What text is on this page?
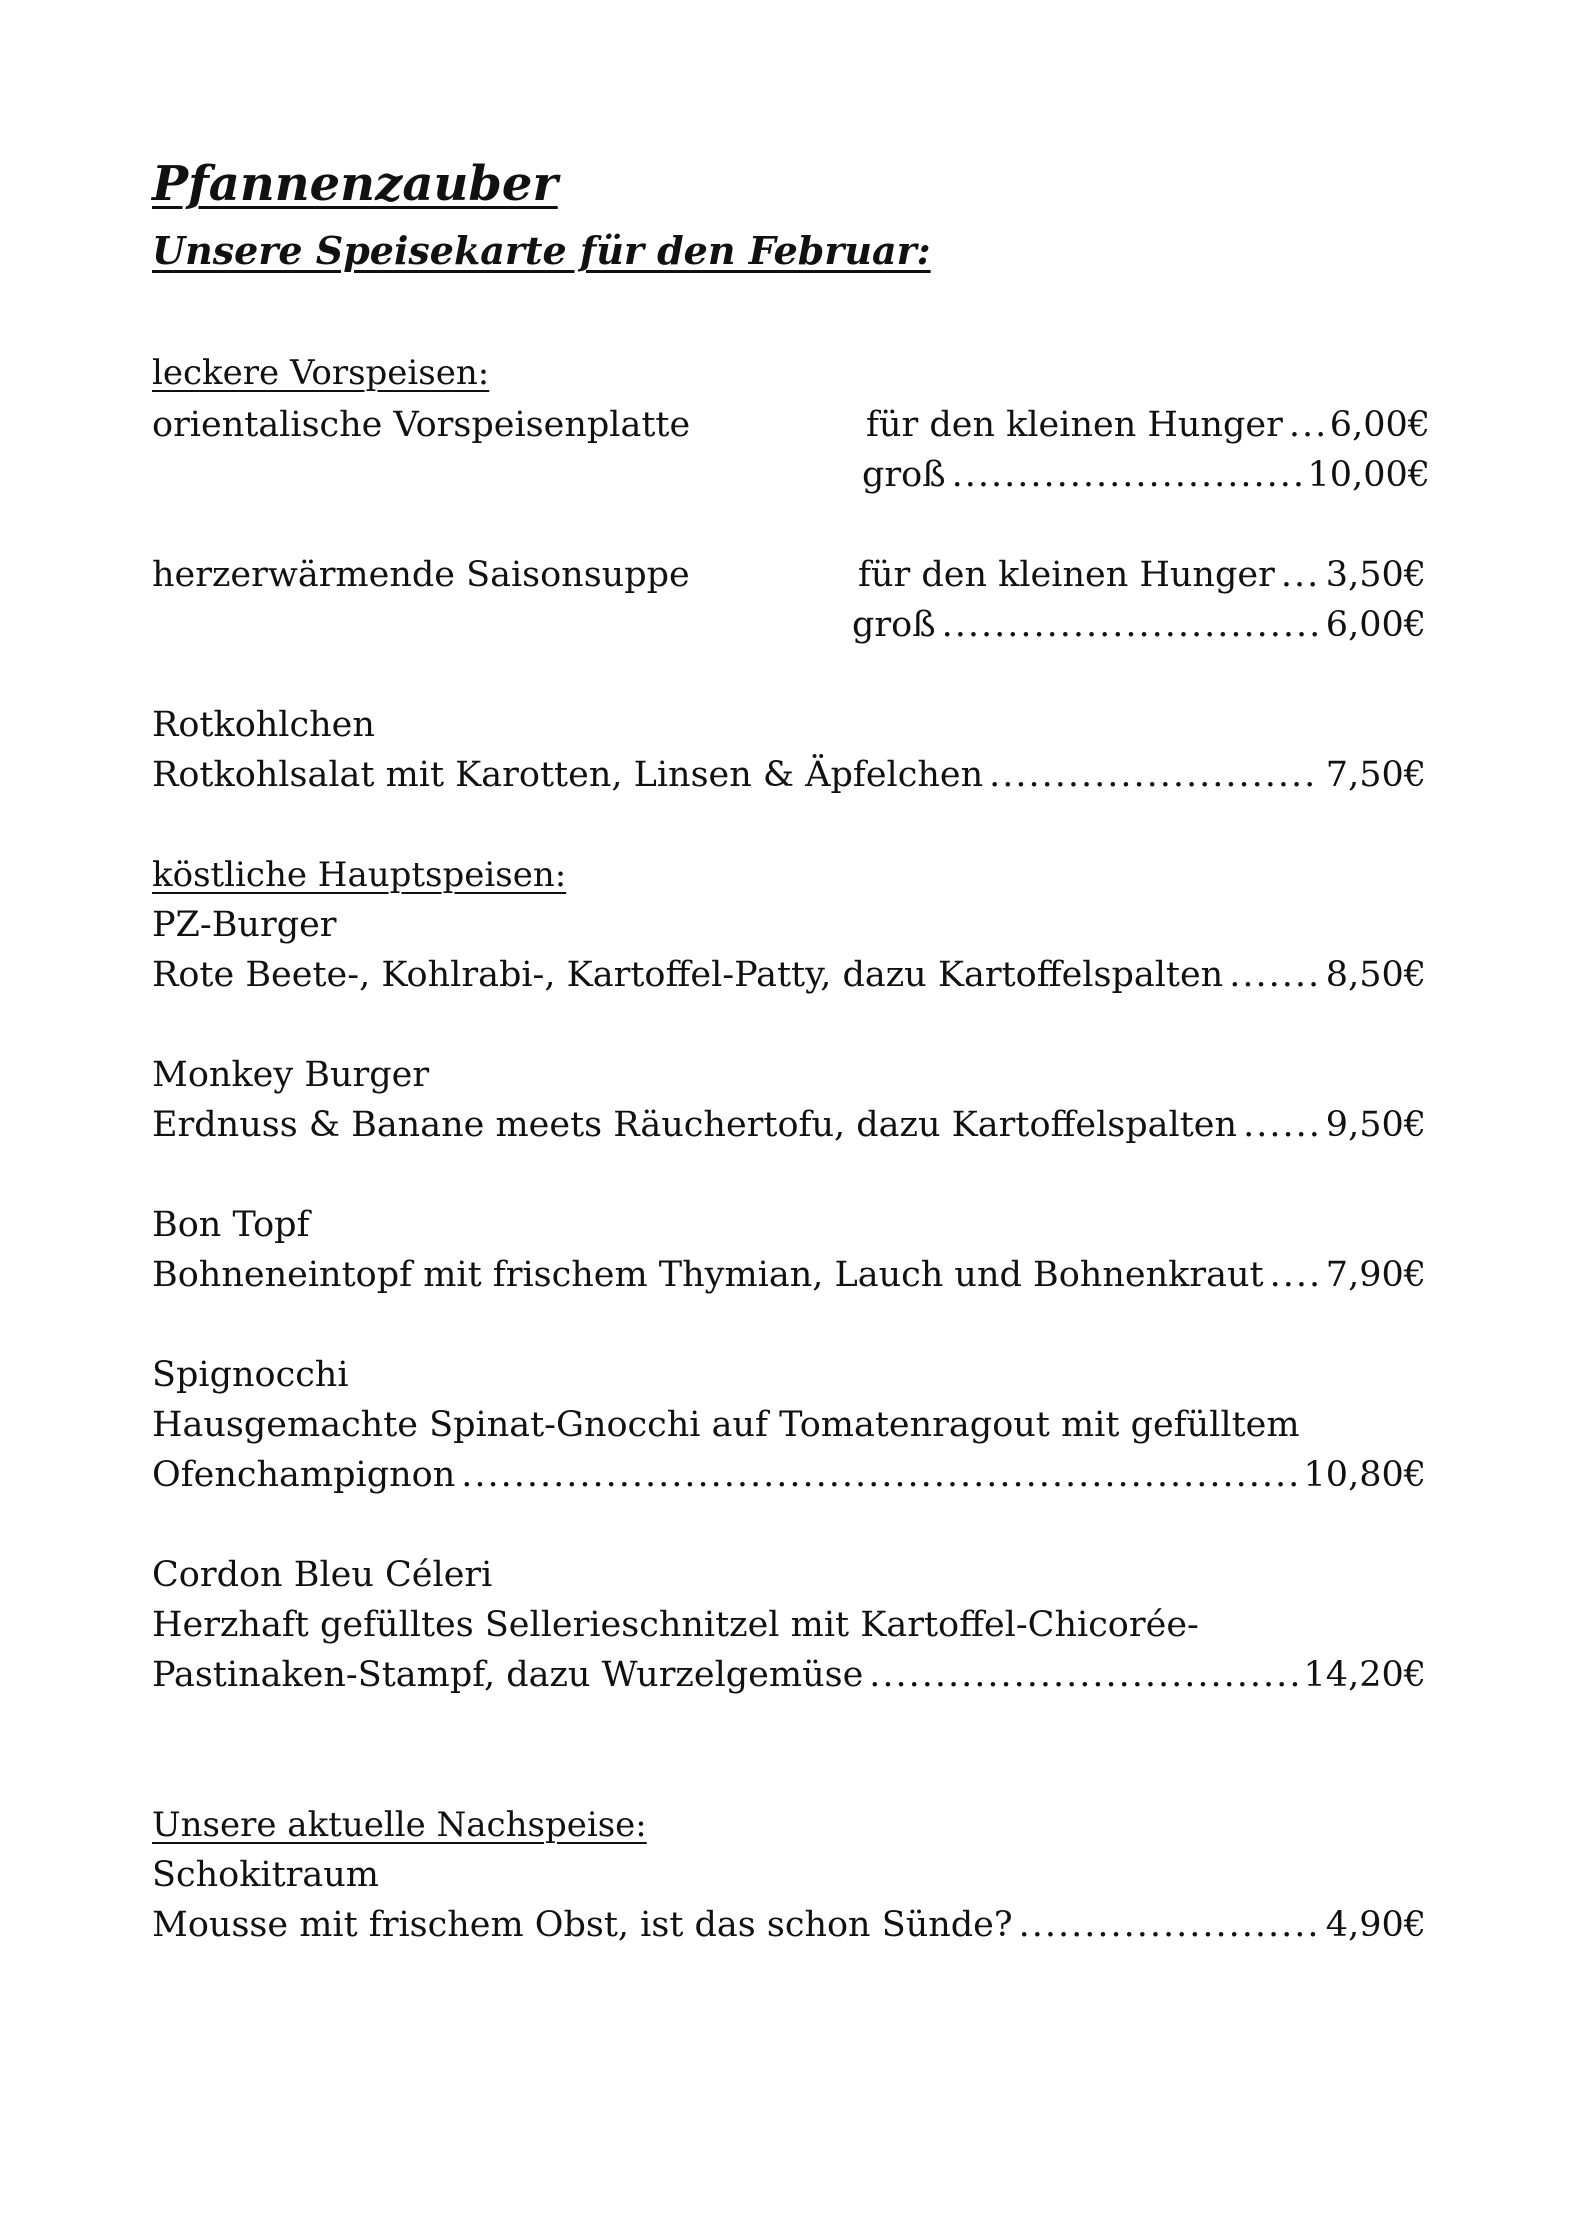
Pfannenzauber
Unsere Speisekarte für den Februar:
leckere Vorspeisen:
orientalische Vorspeisenplatte	für den kleinen Hunger ..... 6,00€
groß .....	10,00€
herzerwärmende Saisonsuppe	für den kleinen Hunger ..... 3,50€
groß .....	6,00€
Rotkohlchen
Rotkohlsalat mit Karotten, Linsen & Äpfelchen .....	7,50€
köstliche Hauptspeisen:
PZ-Burger
Rote Beete-, Kohlrabi-, Kartoffel-Patty, dazu Kartoffelspalten .....	8,50€
Monkey Burger
Erdnuss & Banane meets Räuchertofu, dazu Kartoffelspalten .....	9,50€
Bon Topf
Bohneneintopf mit frischem Thymian, Lauch und Bohnenkraut ..... 7,90€
Spignocchi
Hausgemachte Spinat-Gnocchi auf Tomatenragout mit gefülltem
Ofenchampignon .....	10,80€
Cordon Bleu Céleri
Herzhaft gefülltes Sellerieschnitzel mit Kartoffel-Chicorée-
Pastinaken-Stampf, dazu Wurzelgemüse .....	14,20€
Unsere aktuelle Nachspeise:
Schokitraum
Mousse mit frischem Obst, ist das schon Sünde? .....	4,90€
